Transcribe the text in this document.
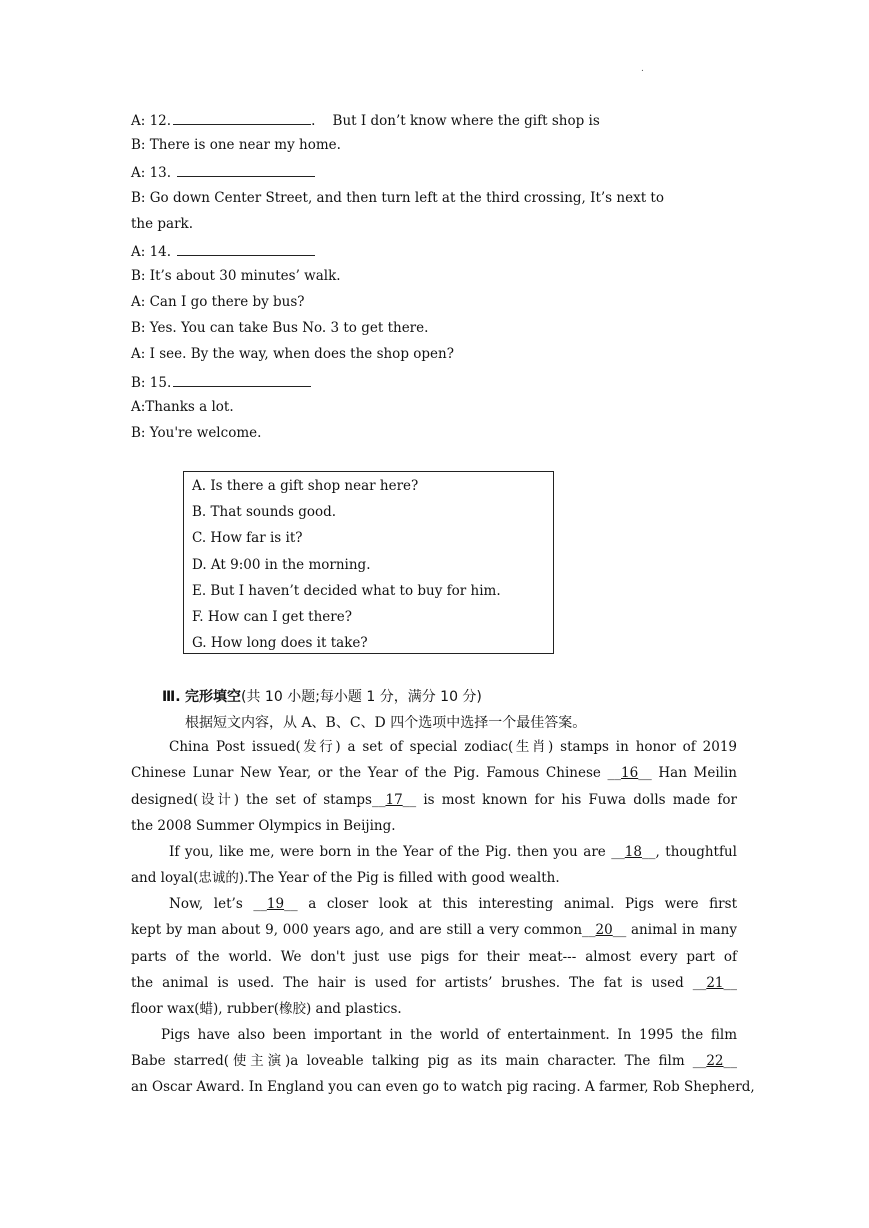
.
A: 12.	.    But I don’t know where the gift shop is
B: There is one near my home.
A: 13.
B: Go down Center Street, and then turn left at the third crossing, It’s next to
the park.
A: 14.
B: It’s about 30 minutes’ walk.
A: Can I go there by bus?
B: Yes. You can take Bus No. 3 to get there.
A: I see. By the way, when does the shop open?
B: 15.
A:Thanks a lot.
B: You're welcome.
A. Is there a gift shop near here?
B. That sounds good.
C. How far is it?
D. At 9:00 in the morning.
E. But I haven’t decided what to buy for him.
F. How can I get there?
G. How long does it take?
Ⅲ. 完形填空(共 10 小题;每小题 1 分，满分 10 分)
根据短文内容，从 A、B、C、D 四个选项中选择一个最佳答案。
China Post issued(发行) a set of special zodiac(生肖) stamps in honor of 2019
Chinese Lunar New Year, or the Year of the Pig. Famous Chinese __16__ Han Meilin
designed(设计) the set of stamps__17__ is most known for his Fuwa dolls made for
the 2008 Summer Olympics in Beijing.
If you, like me, were born in the Year of the Pig. then you are __18__, thoughtful
and loyal(忠诚的).The Year of the Pig is filled with good wealth.
Now, let’s __19__ a closer look at this interesting animal. Pigs were first
kept by man about 9, 000 years ago, and are still a very common__20__ animal in many
parts of the world. We don't just use pigs for their meat--- almost every part of
the animal is used. The hair is used for artists’ brushes. The fat is used __21__
floor wax(蜡), rubber(橡胶) and plastics.
Pigs have also been important in the world of entertainment. In 1995 the film
Babe starred(使主演)a loveable talking pig as its main character. The film __22__
an Oscar Award. In England you can even go to watch pig racing. A farmer, Rob Shepherd,
